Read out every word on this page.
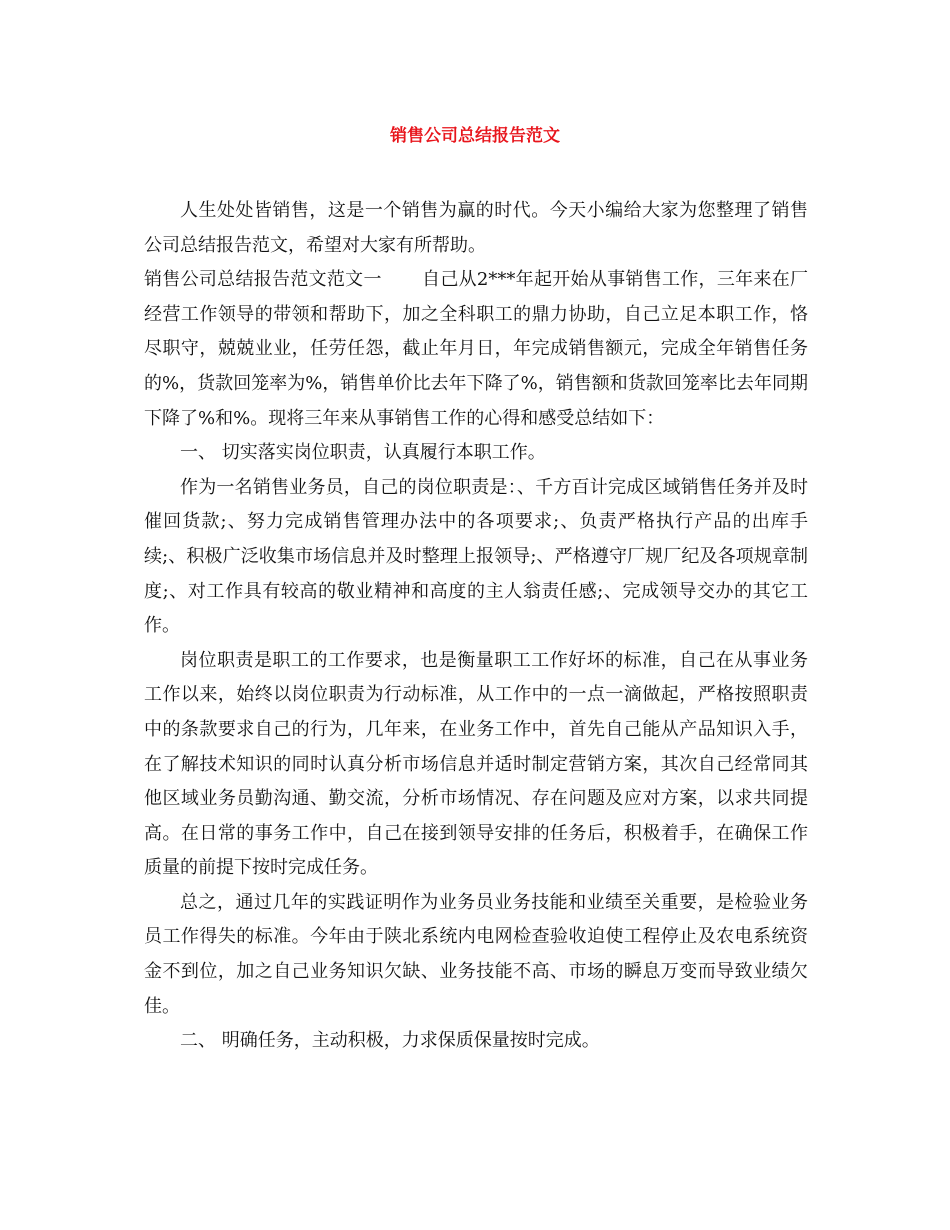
销售公司总结报告范文

人生处处皆销售，这是一个销售为赢的时代。今天小编给大家为您整理了销售公司总结报告范文，希望对大家有所帮助。

销售公司总结报告范文范文一 自己从2***年起开始从事销售工作，三年来在厂经营工作领导的带领和帮助下，加之全科职工的鼎力协助，自己立足本职工作，恪尽职守，兢兢业业，任劳任怨，截止年月日，年完成销售额元，完成全年销售任务的%，货款回笼率为%，销售单价比去年下降了%，销售额和货款回笼率比去年同期下降了%和%。现将三年来从事销售工作的心得和感受总结如下：

一、 切实落实岗位职责，认真履行本职工作。

作为一名销售业务员，自己的岗位职责是：、千方百计完成区域销售任务并及时催回货款;、努力完成销售管理办法中的各项要求;、负责严格执行产品的出库手续;、积极广泛收集市场信息并及时整理上报领导;、严格遵守厂规厂纪及各项规章制度;、对工作具有较高的敬业精神和高度的主人翁责任感;、完成领导交办的其它工作。

岗位职责是职工的工作要求，也是衡量职工工作好坏的标准，自己在从事业务工作以来，始终以岗位职责为行动标准，从工作中的一点一滴做起，严格按照职责中的条款要求自己的行为，几年来，在业务工作中，首先自己能从产品知识入手，在了解技术知识的同时认真分析市场信息并适时制定营销方案，其次自己经常同其他区域业务员勤沟通、勤交流，分析市场情况、存在问题及应对方案，以求共同提高。在日常的事务工作中，自己在接到领导安排的任务后，积极着手，在确保工作质量的前提下按时完成任务。

总之，通过几年的实践证明作为业务员业务技能和业绩至关重要，是检验业务员工作得失的标准。今年由于陕北系统内电网检查验收迫使工程停止及农电系统资金不到位，加之自己业务知识欠缺、业务技能不高、市场的瞬息万变而导致业绩欠佳。

二、 明确任务，主动积极，力求保质保量按时完成。
